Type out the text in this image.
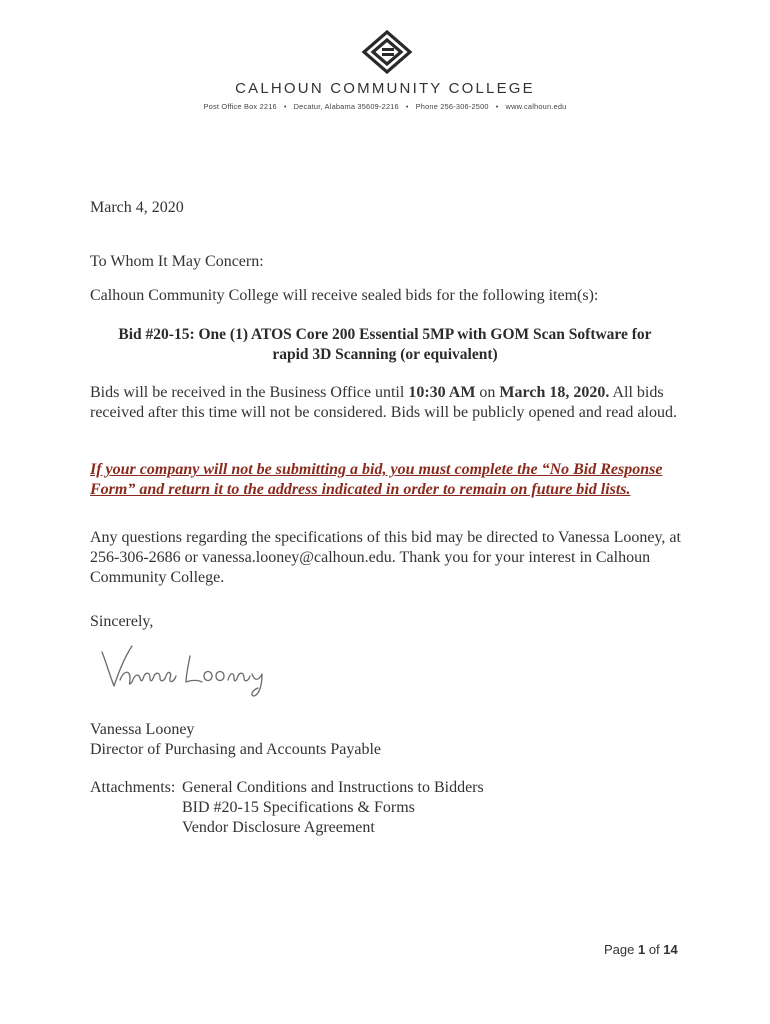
CALHOUN COMMUNITY COLLEGE
Post Office Box 2216 • Decatur, Alabama 35609-2216 • Phone 256-306-2500 • www.calhoun.edu
March 4, 2020
To Whom It May Concern:
Calhoun Community College will receive sealed bids for the following item(s):
Bid #20-15: One (1) ATOS Core 200 Essential 5MP with GOM Scan Software for
rapid 3D Scanning (or equivalent)
Bids will be received in the Business Office until 10:30 AM on March 18, 2020. All bids received after this time will not be considered. Bids will be publicly opened and read aloud.
If your company will not be submitting a bid, you must complete the “No Bid Response Form” and return it to the address indicated in order to remain on future bid lists.
Any questions regarding the specifications of this bid may be directed to Vanessa Looney, at 256-306-2686 or vanessa.looney@calhoun.edu. Thank you for your interest in Calhoun Community College.
Sincerely,
Vanessa Looney
Director of Purchasing and Accounts Payable
Attachments: General Conditions and Instructions to Bidders
BID #20-15 Specifications & Forms
Vendor Disclosure Agreement
Page 1 of 14
